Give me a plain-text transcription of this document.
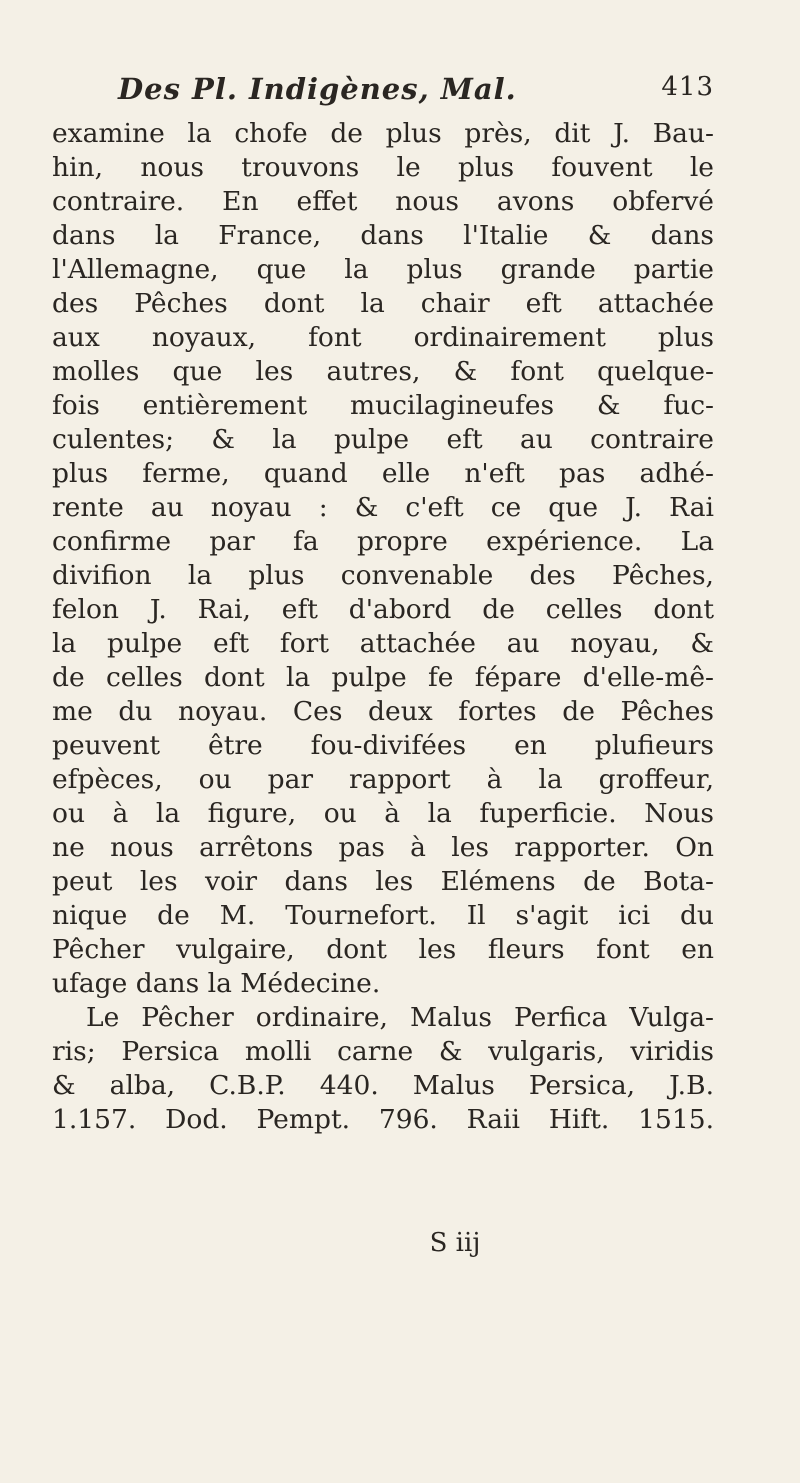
Des Pl. Indigènes, Mal.	413
examine la chofe de plus près, dit J. Bau-
hin, nous trouvons le plus fouvent le
contraire. En effet nous avons obfervé
dans la France, dans l'Italie & dans
l'Allemagne, que la plus grande partie
des Pêches dont la chair eft attachée
aux noyaux, font ordinairement plus
molles que les autres, & font quelque-
fois entièrement mucilagineufes & fuc-
culentes; & la pulpe eft au contraire
plus ferme, quand elle n'eft pas adhé-
rente au noyau : & c'eft ce que J. Rai
confirme par fa propre expérience. La
divifion la plus convenable des Pêches,
felon J. Rai, eft d'abord de celles dont
la pulpe eft fort attachée au noyau, &
de celles dont la pulpe fe fépare d'elle-mê-
me du noyau. Ces deux fortes de Pêches
peuvent être fou-divifées en plufieurs
efpèces, ou par rapport à la groffeur,
ou à la figure, ou à la fuperficie. Nous
ne nous arrêtons pas à les rapporter. On
peut les voir dans les Elémens de Bota-
nique de M. Tournefort. Il s'agit ici du
Pêcher vulgaire, dont les fleurs font en
ufage dans la Médecine.
Le Pêcher ordinaire, Malus Perfica Vulga-
ris; Persica molli carne & vulgaris, viridis
& alba, C.B.P. 440. Malus Persica, J.B.
1.157. Dod. Pempt. 796. Raii Hift. 1515.
S iij
